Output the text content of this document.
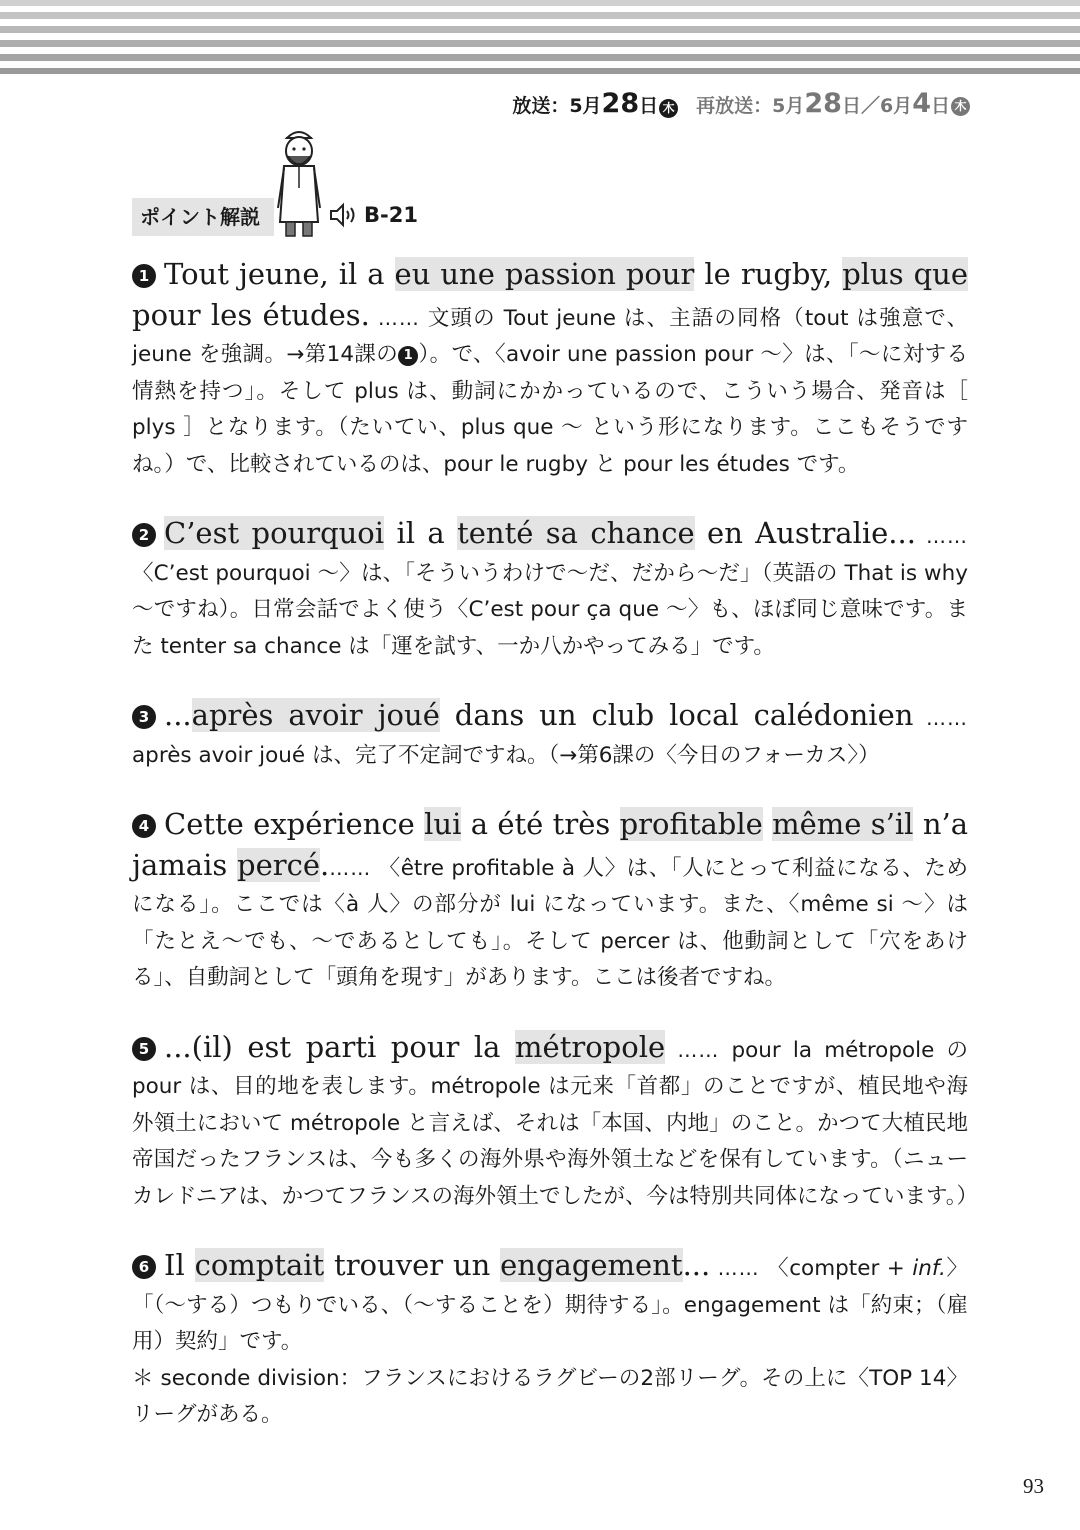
放送：5月 28 日 木 再放送：5月28日／6月4日 木
ポイント解説	B-21

1 Tout jeune, il a eu une passion pour le rugby, plus que pour les études. …… 文頭の Tout jeune は、主語の同格（tout は強意で、jeune を強調。→第14課の 1 ）。で、〈avoir une passion pour 〜〉は、「〜に対する情熱を持つ」。そして plus は、動詞にかかっているので、こういう場合、発音は［ plys ］となります。（たいてい、plus que 〜 という形になります。ここもそうですね。）で、比較されているのは、pour le rugby と pour les études です。

2 C’est pourquoi il a tenté sa chance en Australie... …… 〈C’est pourquoi 〜〉は、「そういうわけで〜だ、だから〜だ」（英語の That is why 〜ですね）。日常会話でよく使う〈C’est pour ça que 〜〉も、ほぼ同じ意味です。また tenter sa chance は「運を試す、一か八かやってみる」です。

3 ...après avoir joué dans un club local calédonien …… après avoir joué は、完了不定詞ですね。（→第6課の〈今日のフォーカス〉）

4 Cette expérience lui a été très profitable même s’il n’a jamais percé.…… 〈être profitable à 人〉は、「人にとって利益になる、ためになる」。ここでは〈à 人〉の部分が lui になっています。また、〈même si 〜〉は「たとえ〜でも、〜であるとしても」。そして percer は、他動詞として「穴をあける」、自動詞として「頭角を現す」があります。ここは後者ですね。

5 ...(il) est parti pour la métropole …… pour la métropole の pour は、目的地を表します。métropole は元来「首都」のことですが、植民地や海外領土において métropole と言えば、それは「本国、内地」のこと。かつて大植民地帝国だったフランスは、今も多くの海外県や海外領土などを保有しています。（ニューカレドニアは、かつてフランスの海外領土でしたが、今は特別共同体になっています。）

6 Il comptait trouver un engagement... …… 〈compter + inf.〉「（〜する）つもりでいる、（〜することを）期待する」。engagement は「約束；（雇用）契約」です。

＊ seconde division：フランスにおけるラグビーの2部リーグ。その上に〈TOP 14〉リーグがある。

93
